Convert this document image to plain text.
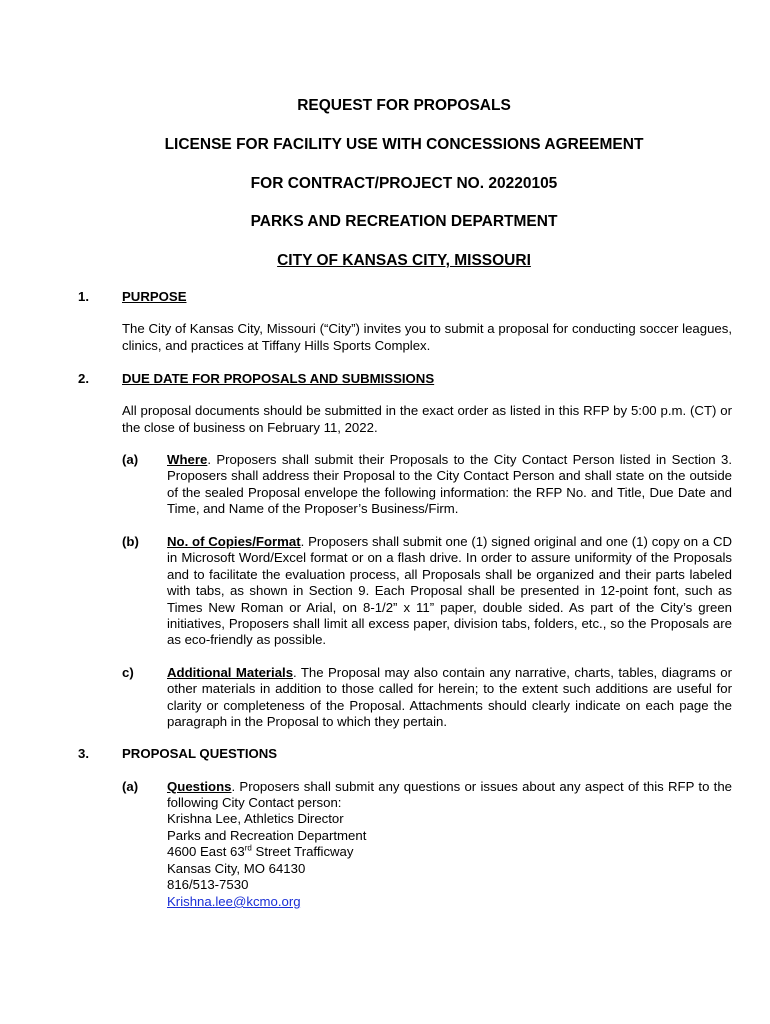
REQUEST FOR PROPOSALS
LICENSE FOR FACILITY USE WITH CONCESSIONS AGREEMENT
FOR CONTRACT/PROJECT NO. 20220105
PARKS AND RECREATION DEPARTMENT
CITY OF KANSAS CITY, MISSOURI
1.	PURPOSE
The City of Kansas City, Missouri (“City”) invites you to submit a proposal for conducting soccer leagues, clinics, and practices at Tiffany Hills Sports Complex.
2.	DUE DATE FOR PROPOSALS AND SUBMISSIONS
All proposal documents should be submitted in the exact order as listed in this RFP by 5:00 p.m. (CT) or the close of business on February 11, 2022.
(a) Where. Proposers shall submit their Proposals to the City Contact Person listed in Section 3. Proposers shall address their Proposal to the City Contact Person and shall state on the outside of the sealed Proposal envelope the following information: the RFP No. and Title, Due Date and Time, and Name of the Proposer’s Business/Firm.
(b) No. of Copies/Format. Proposers shall submit one (1) signed original and one (1) copy on a CD in Microsoft Word/Excel format or on a flash drive. In order to assure uniformity of the Proposals and to facilitate the evaluation process, all Proposals shall be organized and their parts labeled with tabs, as shown in Section 9. Each Proposal shall be presented in 12-point font, such as Times New Roman or Arial, on 8-1/2” x 11” paper, double sided. As part of the City’s green initiatives, Proposers shall limit all excess paper, division tabs, folders, etc., so the Proposals are as eco-friendly as possible.
c)	Additional Materials. The Proposal may also contain any narrative, charts, tables, diagrams or other materials in addition to those called for herein; to the extent such additions are useful for clarity or completeness of the Proposal. Attachments should clearly indicate on each page the paragraph in the Proposal to which they pertain.
3.	PROPOSAL QUESTIONS
(a) Questions. Proposers shall submit any questions or issues about any aspect of this RFP to the following City Contact person:
Krishna Lee, Athletics Director
Parks and Recreation Department
4600 East 63rd Street Trafficway
Kansas City, MO 64130
816/513-7530
Krishna.lee@kcmo.org
